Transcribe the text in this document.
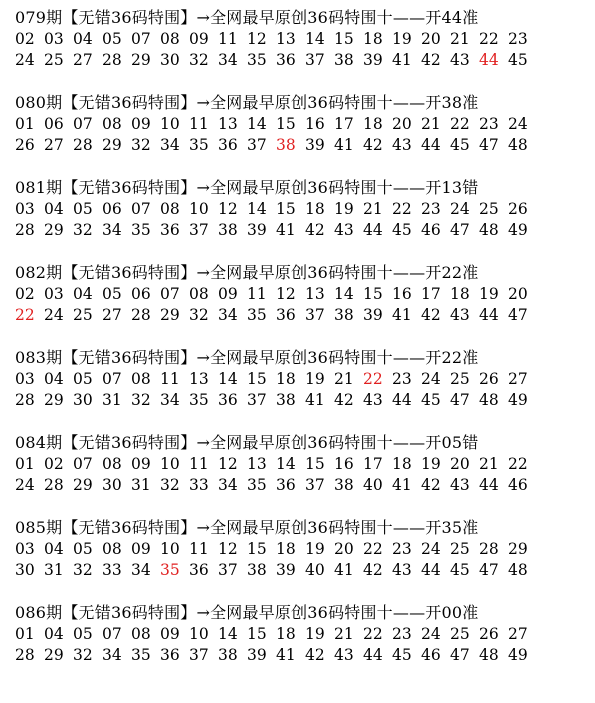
079期【无错36码特围】→全网最早原创36码特围十——开44准
02 03 04 05 07 08 09 11 12 13 14 15 18 19 20 21 22 23
24 25 27 28 29 30 32 34 35 36 37 38 39 41 42 43 44 45
080期【无错36码特围】→全网最早原创36码特围十——开38准
01 06 07 08 09 10 11 13 14 15 16 17 18 20 21 22 23 24
26 27 28 29 32 34 35 36 37 38 39 41 42 43 44 45 47 48
081期【无错36码特围】→全网最早原创36码特围十——开13错
03 04 05 06 07 08 10 12 14 15 18 19 21 22 23 24 25 26
28 29 32 34 35 36 37 38 39 41 42 43 44 45 46 47 48 49
082期【无错36码特围】→全网最早原创36码特围十——开22准
02 03 04 05 06 07 08 09 11 12 13 14 15 16 17 18 19 20
22 24 25 27 28 29 32 34 35 36 37 38 39 41 42 43 44 47
083期【无错36码特围】→全网最早原创36码特围十——开22准
03 04 05 07 08 11 13 14 15 18 19 21 22 23 24 25 26 27
28 29 30 31 32 34 35 36 37 38 41 42 43 44 45 47 48 49
084期【无错36码特围】→全网最早原创36码特围十——开05错
01 02 07 08 09 10 11 12 13 14 15 16 17 18 19 20 21 22
24 28 29 30 31 32 33 34 35 36 37 38 40 41 42 43 44 46
085期【无错36码特围】→全网最早原创36码特围十——开35准
03 04 05 08 09 10 11 12 15 18 19 20 22 23 24 25 28 29
30 31 32 33 34 35 36 37 38 39 40 41 42 43 44 45 47 48
086期【无错36码特围】→全网最早原创36码特围十——开00准
01 04 05 07 08 09 10 14 15 18 19 21 22 23 24 25 26 27
28 29 32 34 35 36 37 38 39 41 42 43 44 45 46 47 48 49
